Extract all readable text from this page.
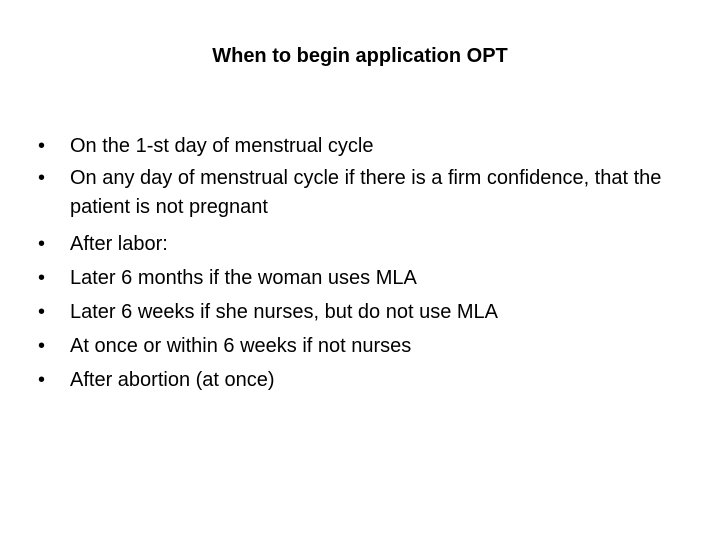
When to begin application OPT
• On the 1-st day of menstrual cycle
• On any day of menstrual cycle if there is a firm confidence, that the patient is not pregnant
• After labor:
• Later 6 months if the woman uses MLA
• Later 6 weeks if she nurses, but do not use MLA
• At once or within 6 weeks if not nurses
• After abortion (at once)
